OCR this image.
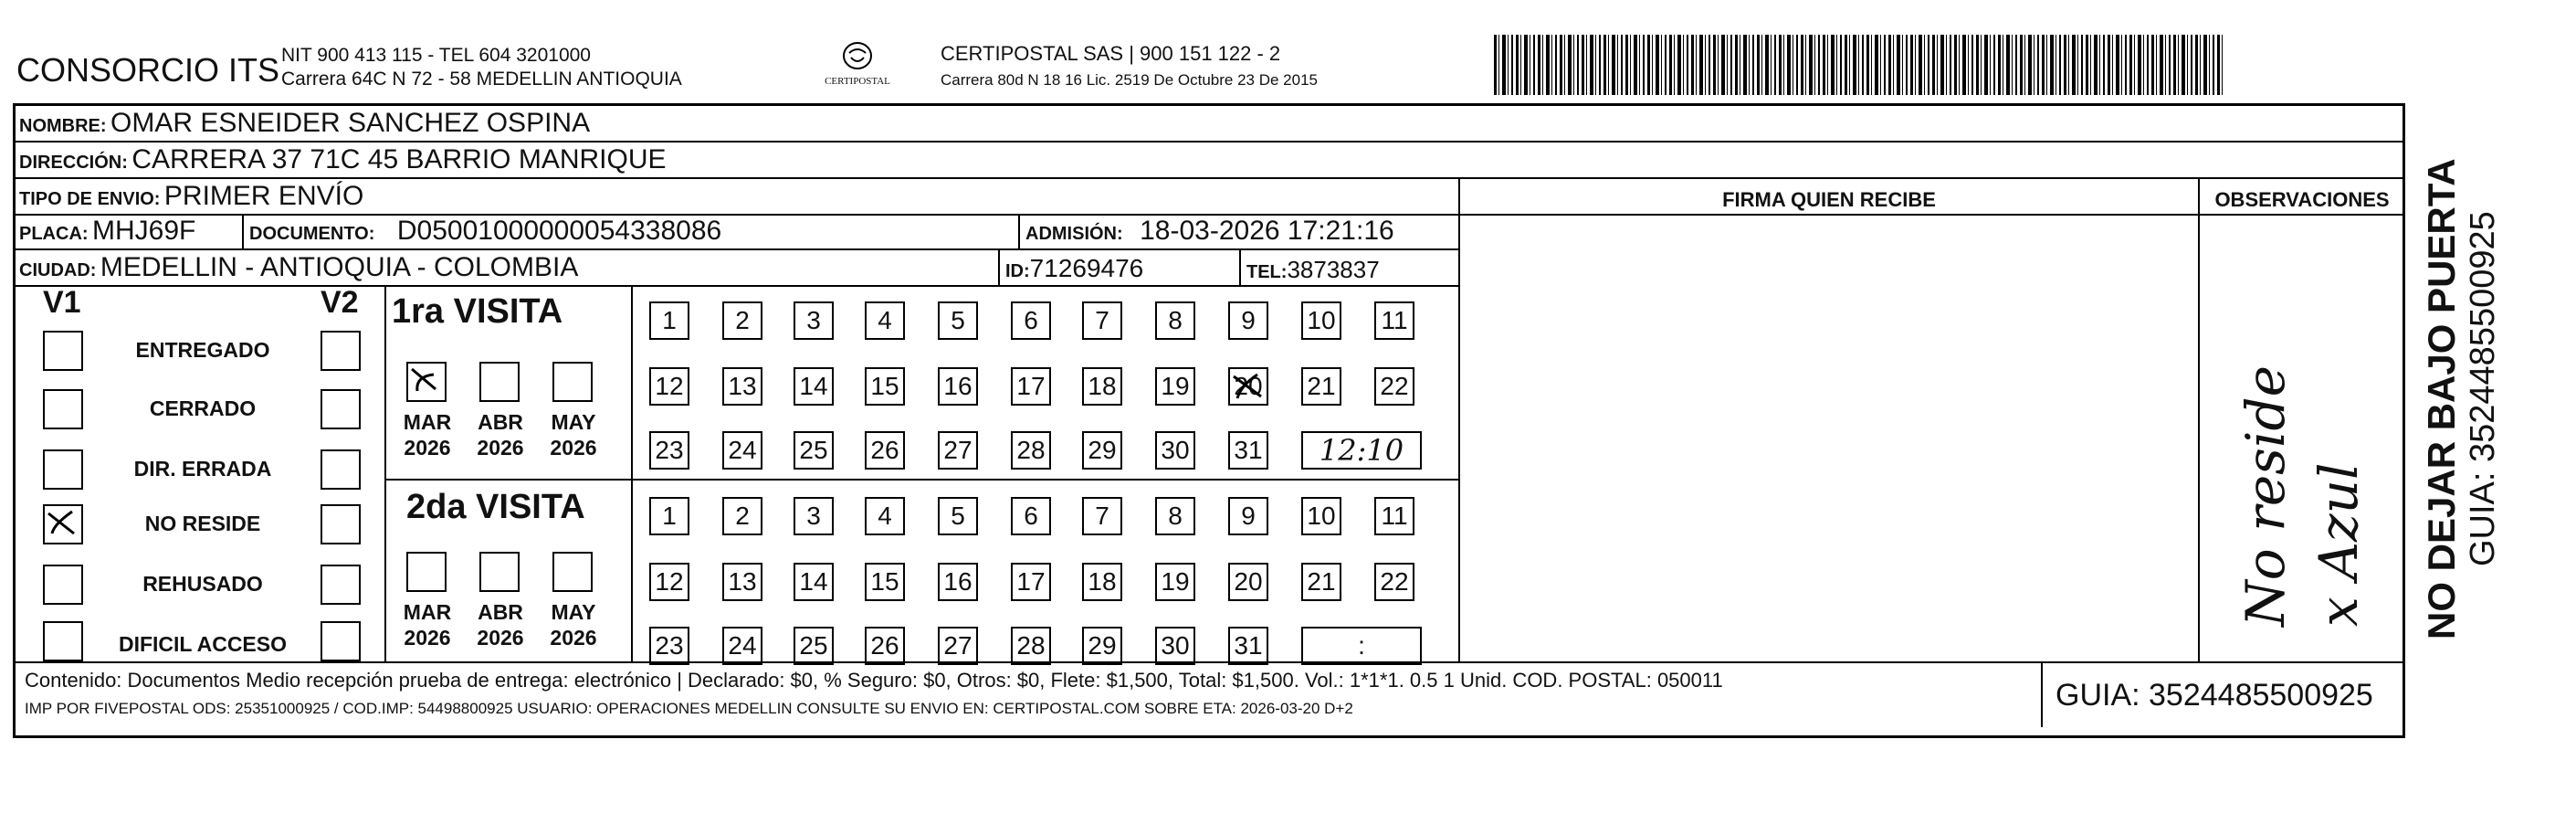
CONSORCIO ITS NIT 900 413 115 - TEL 604 3201000
Carrera 64C N 72 - 58 MEDELLIN ANTIOQUIA	CERTIPOSTAL
CERTIPOSTAL SAS | 900 151 122 - 2
Carrera 80d N 18 16 Lic. 2519 De Octubre 23 De 2015
NOMBRE: OMAR ESNEIDER SANCHEZ OSPINA
DIRECCIÓN: CARRERA 37 71C 45 BARRIO MANRIQUE
TIPO DE ENVIO: PRIMER ENVÍO	FIRMA QUIEN RECIBE	OBSERVACIONES
PLACA: MHJ69F	DOCUMENTO: D05001000000054338086	ADMISIÓN: 18-03-2026 17:21:16
CIUDAD: MEDELLIN - ANTIOQUIA - COLOMBIA	ID:71269476	TEL:3873837
V1	V2
ENTREGADO
CERRADO
DIR. ERRADA
NO RESIDE
REHUSADO
DIFICIL ACCESO
1ra VISITA
MAR
2026
ABR
2026
MAY
2026
2da VISITA
MAR
2026
ABR
2026
MAY
2026
1	2	3	4	5	6	7	8	9	10 11
12 13 14 15 16 17 18 19 20 21 22
23 24 25 26 27 28 29 30 31	12:10
1	2	3	4	5	6	7	8	9	10 11
12 13 14 15 16 17 18 19 20 21 22
23 24 25 26 27 28 29 30 31	:
No reside x Azul
Contenido: Documentos Medio recepción prueba de entrega: electrónico | Declarado: $0, % Seguro: $0, Otros: $0, Flete: $1,500, Total: $1,500. Vol.: 1*1*1. 0.5 1 Unid. COD. POSTAL: 050011
IMP POR FIVEPOSTAL ODS: 25351000925 / COD.IMP: 54498800925 USUARIO: OPERACIONES MEDELLIN CONSULTE SU ENVIO EN: CERTIPOSTAL.COM SOBRE ETA: 2026-03-20 D+2	GUIA: 3524485500925
NO DEJAR BAJO PUERTA GUIA: 3524485500925
